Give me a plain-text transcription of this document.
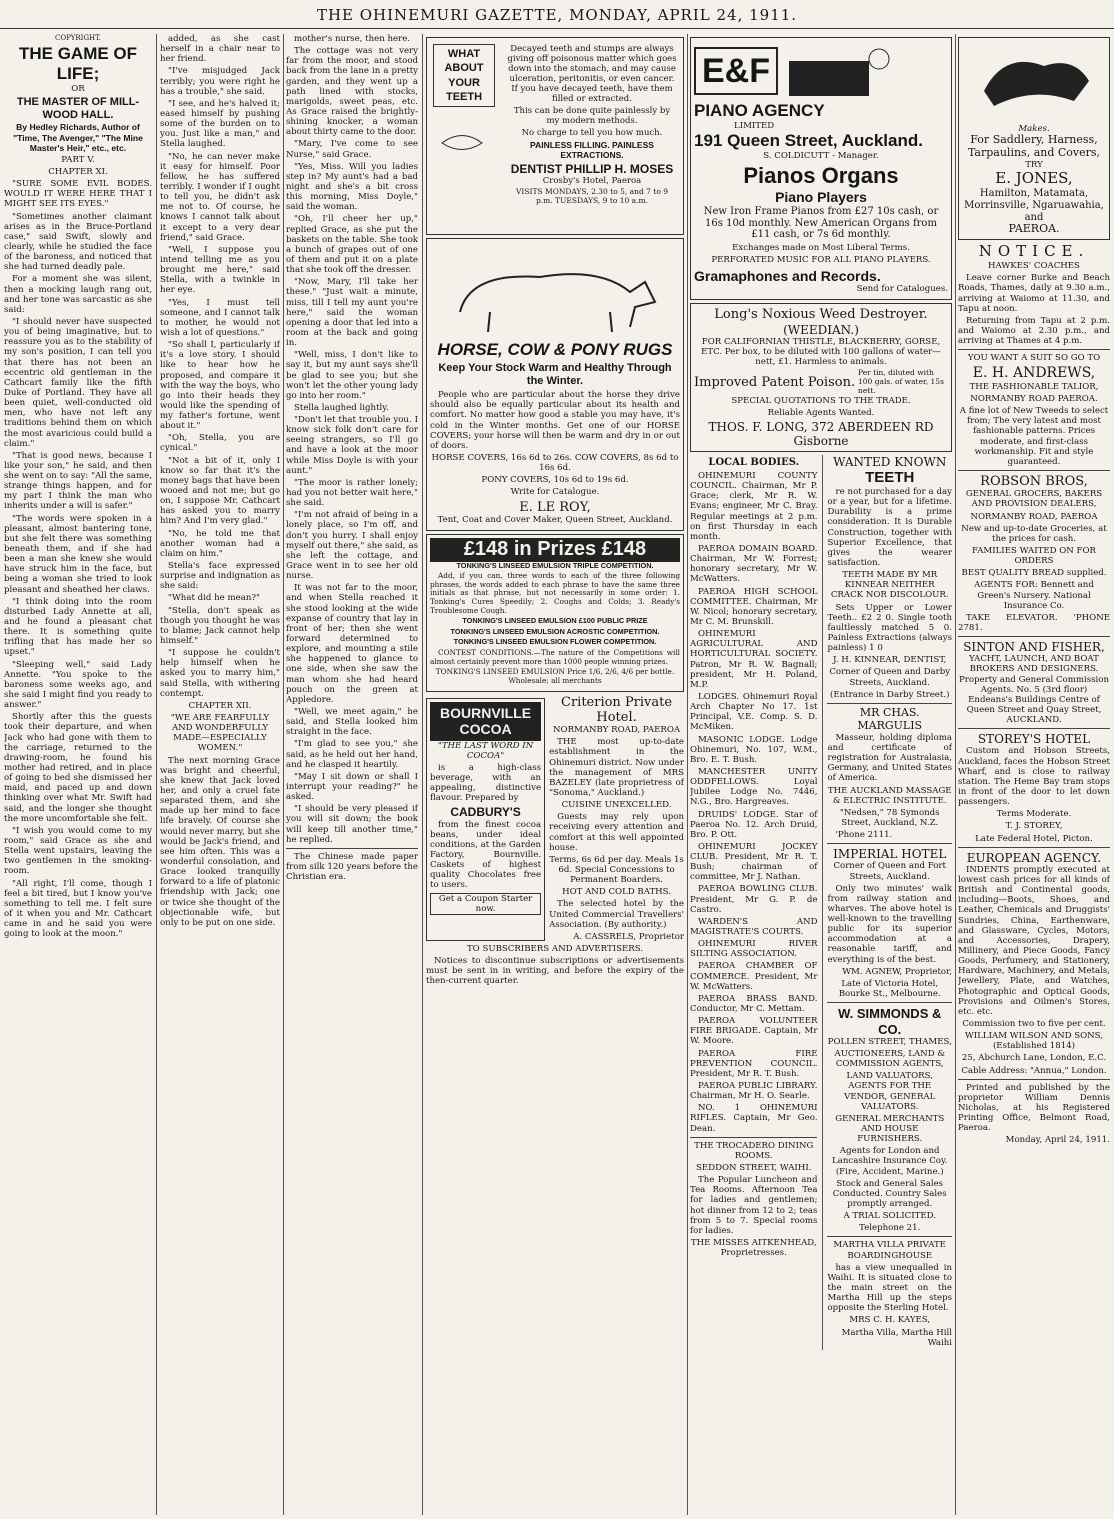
THE OHINEMURI GAZETTE, MONDAY, APRIL 24, 1911.

COPYRIGHT.

THE GAME OF LIFE;

OR

THE MASTER OF MILL-WOOD HALL.

By Hedley Richards, Author of "Time, The Avenger," "The Mine Master's Heir," etc., etc.

PART V.

CHAPTER XI.

"SURE SOME EVIL BODES. WOULD IT WERE HERE THAT I MIGHT SEE ITS EYES."

"Sometimes another claimant arises as in the Bruce-Portland case," said Swift, slowly and clearly, while he studied the face of the baroness, and noticed that she had turned deadly pale.

For a moment she was silent, then a mocking laugh rang out, and her tone was sarcastic as she said:

"I should never have suspected you of being imaginative, but to reassure you as to the stability of my son's position, I can tell you that there has not been an eccentric old gentleman in the Cathcart family like the fifth Duke of Portland. They have all been quiet, well-conducted old men, who have not left any traditions behind them on which the most avaricious could build a claim."

"That is good news, because I like your son," he said, and then she went on to say: "All the same, strange things happen, and for my part I think the man who inherits under a will is safer."

"The words were spoken in a pleasant, almost bantering tone, but she felt there was something beneath them, and if she had been a man she knew she would have struck him in the face, but being a woman she tried to look pleasant and sheathed her claws.

"I think doing into the room disturbed Lady Annette at all, and he found a pleasant chat there. It is something quite trifling that has made her so upset."

"Sleeping well," said Lady Annette. "You spoke to the baroness some weeks ago, and she said I might find you ready to answer."

Shortly after this the guests took their departure, and when Jack who had gone with them to the carriage, returned to the drawing-room, he found his mother had retired, and in place of going to bed she dismissed her maid, and paced up and down thinking over what Mr. Swift had said, and the longer she thought the more uncomfortable she felt.

"I wish you would come to my room," said Grace as she and Stella went upstairs, leaving the two gentlemen in the smoking-room.

"All right, I'll come, though I feel a bit tired, but I know you've something to tell me. I felt sure of it when you and Mr. Cathcart came in and he said you were going to look at the moon."

added, as she cast herself in a chair near to her friend.

"I've misjudged Jack terribly; you were right he has a trouble," she said.

"I see, and he's halved it; eased himself by pushing some of the burden on to you. Just like a man," and Stella laughed.

"No, he can never make it easy for himself. Poor fellow, he has suffered terribly. I wonder if I ought to tell you, he didn't ask me not to. Of course, he knows I cannot talk about it except to a very dear friend," said Grace.

"Well, I suppose you intend telling me as you brought me here," said Stella, with a twinkle in her eye.

"Yes, I must tell someone, and I cannot talk to mother, he would not wish a lot of questions."

"So shall I, particularly if it's a love story. I should like to hear how he proposed, and compare it with the way the boys, who go into their heads they would like the spending of my father's fortune, went about it."

"Oh, Stella, you are cynical."

"Not a bit of it, only I know so far that it's the money bags that have been wooed and not me; but go on, I suppose Mr. Cathcart has asked you to marry him? And I'm very glad."

"No, he told me that another woman had a claim on him."

Stella's face expressed surprise and indignation as she said:

"What did he mean?"

"Stella, don't speak as though you thought he was to blame; Jack cannot help himself."

"I suppose he couldn't help himself when he asked you to marry him," said Stella, with withering contempt.

CHAPTER XII.

"WE ARE FEARFULLY AND WONDERFULLY MADE—ESPECIALLY WOMEN."

The next morning Grace was bright and cheerful, she knew that Jack loved her, and only a cruel fate separated them, and she made up her mind to face life bravely. Of course she would never marry, but she would be Jack's friend, and see him often. This was a wonderful consolation, and Grace looked tranquilly forward to a life of platonic friendship with Jack; one or twice she thought of the objectionable wife, but only to be put on one side.

mother's nurse, then here.

The cottage was not very far from the moor, and stood back from the lane in a pretty garden, and they went up a path lined with stocks, marigolds, sweet peas, etc. As Grace raised the brightly-shining knocker, a woman about thirty came to the door.

"Mary, I've come to see Nurse," said Grace.

"Yes, Miss. Will you ladies step in? My aunt's had a bad night and she's a bit cross this morning, Miss Doyle," said the woman.

"Oh, I'll cheer her up," replied Grace, as she put the baskets on the table. She took a bunch of grapes out of one of them and put it on a plate that she took off the dresser.

"Now, Mary, I'll take her these." "Just wait a minute, miss, till I tell my aunt you're here," said the woman opening a door that led into a room at the back and going in.

"Well, miss, I don't like to say it, but my aunt says she'll be glad to see you; but she won't let the other young lady go into her room."

Stella laughed lightly.

"Don't let that trouble you. I know sick folk don't care for seeing strangers, so I'll go and have a look at the moor while Miss Doyle is with your aunt."

"The moor is rather lonely; had you not better wait here," she said.

"I'm not afraid of being in a lonely place, so I'm off, and don't you hurry. I shall enjoy myself out there," she said, as she left the cottage, and Grace went in to see her old nurse.

It was not far to the moor, and when Stella reached it she stood looking at the wide expanse of country that lay in front of her; then she went forward determined to explore, and mounting a stile she happened to glance to one side, when she saw the man whom she had heard pouch on the green at Appledore.

"Well, we meet again," he said, and Stella looked him straight in the face.

"I'm glad to see you," she said, as he held out her hand, and he clasped it heartily.

"May I sit down or shall I interrupt your reading?" he asked.

"I should be very pleased if you will sit down; the book will keep till another time," he replied.

The Chinese made paper from silk 120 years before the Christian era.

WHAT ABOUT YOUR TEETH

Decayed teeth and stumps are always giving off poisonous matter which goes down into the stomach, and may cause ulceration, peritonitis, or even cancer. If you have decayed teeth, have them filled or extracted.

This can be done quite painlessly by my modern methods.

No charge to tell you how much.

PAINLESS FILLING. PAINLESS EXTRACTIONS.

DENTIST PHILLIP H. MOSES

Crosby's Hotel, Paeroa

VISITS MONDAYS, 2.30 to 5, and 7 to 9 p.m. TUESDAYS, 9 to 10 a.m.

HORSE, COW & PONY RUGS
Keep Your Stock Warm and Healthy Through the Winter.

People who are particular about the horse they drive should also be equally particular about its health and comfort. No matter how good a stable you may have, it's cold in the Winter months. Get one of our HORSE COVERS; your horse will then be warm and dry in or out of doors.

HORSE COVERS, 16s 6d to 26s. COW COVERS, 8s 6d to 16s 6d.

PONY COVERS, 10s 6d to 19s 6d.

Write for Catalogue.

E. LE ROY,

Tent, Coat and Cover Maker, Queen Street, Auckland.

£148 in Prizes £148

TONKING'S LINSEED EMULSION TRIPLE COMPETITION.

Add, if you can, three words to each of the three following phrases, the words added to each phrase to have the same three initials as that phrase, but not necessarily in some order: 1. Tonking's Cures Speedily; 2. Coughs and Colds; 3. Ready's Troublesome Cough.

TONKING'S LINSEED EMULSION £100 PUBLIC PRIZE

TONKING'S LINSEED EMULSION ACROSTIC COMPETITION.

TONKING'S LINSEED EMULSION FLOWER COMPETITION.

CONTEST CONDITIONS.—The nature of the Competitions will almost certainly prevent more than 1000 people winning prizes.

TONKING'S LINSEED EMULSION Price 1/6, 2/6, 4/6 per bottle. Wholesale; all merchants

BOURNVILLE COCOA

"THE LAST WORD IN COCOA"

is a high-class beverage, with an appealing, distinctive flavour. Prepared by

CADBURY'S

from the finest cocoa beans, under ideal conditions, at the Garden Factory, Bournville. Caskets of highest quality Chocolates free to users.

Get a Coupon Starter now.

Criterion Private Hotel.

NORMANBY ROAD, PAEROA

THE most up-to-date establishment in the Ohinemuri district. Now under the management of MRS BAZELEY (late proprietress of "Sonoma," Auckland.)

CUISINE UNEXCELLED.

Guests may rely upon receiving every attention and comfort at this well appointed house.

Terms, 6s 6d per day. Meals 1s 6d. Special Concessions to Permanent Boarders.

HOT AND COLD BATHS.

The selected hotel by the United Commercial Travellers' Association. (By authority.)

A. CASSRELS, Proprietor

TO SUBSCRIBERS AND ADVERTISERS.

Notices to discontinue subscriptions or advertisements must be sent in in writing, and before the expiry of the then-current quarter.

E&F
PIANO AGENCY
LIMITED
191 Queen Street, Auckland.

S. COLDICUTT - Manager.

Pianos Organs
Piano Players

New Iron Frame Pianos from £27 10s cash, or 16s 10d monthly. New American Organs from £11 cash, or 7s 6d monthly.

Exchanges made on Most Liberal Terms.

PERFORATED MUSIC FOR ALL PIANO PLAYERS.

Gramaphones and Records.

Send for Catalogues.

Long's Noxious Weed Destroyer.
(WEEDIAN.)

FOR CALIFORNIAN THISTLE, BLACKBERRY, GORSE, ETC. Per box, to be diluted with 100 gallons of water—nett, £1. Harmless to animals.

Improved Patent Poison.
Per tin, diluted with 100 gals. of water, 15s nett.

SPECIAL QUOTATIONS TO THE TRADE.

Reliable Agents Wanted.

THOS. F. LONG, 372 ABERDEEN RD Gisborne
LOCAL BODIES.

OHINEMURI COUNTY COUNCIL. Chairman, Mr P. Grace; clerk, Mr R. W. Evans; engineer, Mr C. Bray. Regular meetings at 2 p.m. on first Thursday in each month.

PAEROA DOMAIN BOARD. Chairman, Mr W. Forrest; honorary secretary, Mr W. McWatters.

PAEROA HIGH SCHOOL COMMITTEE. Chairman, Mr W. Nicol; honorary secretary, Mr C. M. Brunskill.

OHINEMURI AGRICULTURAL AND HORTICULTURAL SOCIETY. Patron, Mr R. W. Bagnall; president, Mr H. Poland, M.P.

LODGES. Ohinemuri Royal Arch Chapter No 17. 1st Principal, V.E. Comp. S. D. McMiken.

MASONIC LODGE. Lodge Ohinemuri, No. 107, W.M., Bro. E. T. Bush.

MANCHESTER UNITY ODDFELLOWS. Loyal Jubilee Lodge No. 7446, N.G., Bro. Hargreaves.

DRUIDS' LODGE. Star of Paeroa No. 12. Arch Druid, Bro. P. Ott.

OHINEMURI JOCKEY CLUB. President, Mr R. T. Bush; chairman of committee, Mr J. Nathan.

PAEROA BOWLING CLUB. President, Mr G. P. de Castro.

WARDEN'S AND MAGISTRATE'S COURTS.

OHINEMURI RIVER SILTING ASSOCIATION.

PAEROA CHAMBER OF COMMERCE. President, Mr W. McWatters.

PAEROA BRASS BAND. Conductor, Mr C. Mettam.

PAEROA VOLUNTEER FIRE BRIGADE. Captain, Mr W. Moore.

PAEROA FIRE PREVENTION COUNCIL. President, Mr R. T. Bush.

PAEROA PUBLIC LIBRARY. Chairman, Mr H. O. Searle.

NO. 1 OHINEMURI RIFLES. Captain, Mr Geo. Dean.

THE TROCADERO DINING ROOMS.

SEDDON STREET, WAIHI.

The Popular Luncheon and Tea Rooms. Afternoon Tea for ladies and gentlemen; hot dinner from 12 to 2; teas from 5 to 7. Special rooms for ladies.

THE MISSES AITKENHEAD, Proprietresses.

WANTED KNOWN
TEETH

re not purchased for a day or a year, but for a lifetime. Durability is a prime consideration. It is Durable Construction, together with Superior Excellence, that gives the wearer satisfaction.

TEETH MADE BY MR KINNEAR NEITHER CRACK NOR DISCOLOUR.

Sets Upper or Lower Teeth.. £2 2 0. Single tooth faultlessly matched 5 0. Painless Extractions (always painless) 1 0

J. H. KINNEAR, DENTIST,

Corner of Queen and Darby Streets, Auckland.

(Entrance in Darby Street.)

MR CHAS. MARGULIS

Masseur, holding diploma and certificate of registration for Australasia, Germany, and United States of America.

THE AUCKLAND MASSAGE & ELECTRIC INSTITUTE.

"Nedsen," 78 Symonds Street, Auckland, N.Z.

'Phone 2111.

IMPERIAL HOTEL

Corner of Queen and Fort Streets, Auckland.

Only two minutes' walk from railway station and wharves. The above hotel is well-known to the travelling public for its superior accommodation at a reasonable tariff, and everything is of the best.

WM. AGNEW, Proprietor,

Late of Victoria Hotel, Bourke St., Melbourne.

W. SIMMONDS & CO.

POLLEN STREET, THAMES,

AUCTIONEERS, LAND & COMMISSION AGENTS,

LAND VALUATORS, AGENTS FOR THE VENDOR, GENERAL VALUATORS.

GENERAL MERCHANTS AND HOUSE FURNISHERS.

Agents for London and Lancashire Insurance Coy. (Fire, Accident, Marine.)

Stock and General Sales Conducted. Country Sales promptly arranged.

A TRIAL SOLICITED.

Telephone 21.

MARTHA VILLA PRIVATE BOARDINGHOUSE

has a view unequalled in Waihi. It is situated close to the main street on the Martha Hill up the steps opposite the Sterling Hotel.

MRS C. H. KAYES,

Martha Villa, Martha Hill Waihi

Makes.
For Saddlery, Harness, Tarpaulins, and Covers,
TRY
E. JONES,
Hamilton, Matamata, Morrinsville, Ngaruawahia, and
PAEROA.
NOTICE.

HAWKES' COACHES

Leave corner Burke and Beach Roads, Thames, daily at 9.30 a.m., arriving at Waiomo at 11.30, and Tapu at noon.

Returning from Tapu at 2 p.m. and Waiomo at 2.30 p.m., and arriving at Thames at 4 p.m.

YOU WANT A SUIT SO GO TO

E. H. ANDREWS,

THE FASHIONABLE TALIOR,

NORMANBY ROAD PAEROA.

A fine lot of New Tweeds to select from; The very latest and most fashionable patterns. Prices moderate, and first-class workmanship. Fit and style guaranteed.

ROBSON BROS,

GENERAL GROCERS, BAKERS AND PROVISION DEALERS,

NORMANBY ROAD, PAEROA

New and up-to-date Groceries, at the prices for cash.

FAMILIES WAITED ON FOR ORDERS

BEST QUALITY BREAD supplied.

AGENTS FOR: Bennett and Green's Nursery. National Insurance Co.

TAKE ELEVATOR. 'PHONE 2781.

SINTON AND FISHER,

YACHT, LAUNCH, AND BOAT BROKERS AND DESIGNERS. Property and General Commission Agents. No. 5 (3rd floor) Endeans's Buildings Centre of Queen Street and Quay Street, AUCKLAND.

STOREY'S HOTEL

Custom and Hobson Streets, Auckland, faces the Hobson Street Wharf, and is close to railway station. The Heme Bay tram stops in front of the door to let down passengers.

Terms Moderate.

T. J. STOREY,

Late Federal Hotel, Picton.

EUROPEAN AGENCY.

INDENTS promptly executed at lowest cash prices for all kinds of British and Continental goods, including—Boots, Shoes, and Leather, Chemicals and Druggists' Sundries, China, Earthenware, and Glassware, Cycles, Motors, and Accessories, Drapery, Millinery, and Piece Goods, Fancy Goods, Perfumery, and Stationery, Hardware, Machinery, and Metals, Jewellery, Plate, and Watches, Photographic and Optical Goods, Provisions and Oilmen's Stores, etc. etc.

Commission two to five per cent.

WILLIAM WILSON AND SONS, (Established 1814)

25, Abchurch Lane, London, E.C.

Cable Address: "Annua," London.

Printed and published by the proprietor William Dennis Nicholas, at his Registered Printing Office, Belmont Road, Paeroa.

Monday, April 24, 1911.
